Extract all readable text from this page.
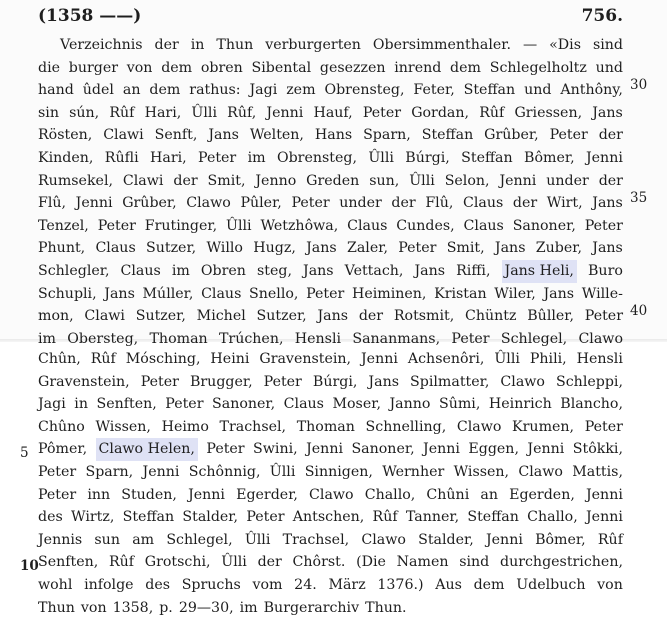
(1358 ——)	756.
Verzeichnis der in Thun verburgerten Obersimmenthaler. — «Dis sind
die burger von dem obren Sibental gesezzen inrend dem Schlegelholtz und
hand ûdel an dem rathus: Jagi zem Obrensteg, Feter, Steffan und Anthôny,
sin sún, Rûf Hari, Ûlli Rûf, Jenni Hauf, Peter Gordan, Rûf Griessen, Jans
Rösten, Clawi Senft, Jans Welten, Hans Sparn, Steffan Grûber, Peter der
Kinden, Rûfli Hari, Peter im Obrensteg, Ûlli Búrgi, Steffan Bômer, Jenni
Rumsekel, Clawi der Smit, Jenno Greden sun, Ûlli Selon, Jenni under der
Flû, Jenni Grûber, Clawo Pûler, Peter under der Flû, Claus der Wirt, Jans
Tenzel, Peter Frutinger, Ûlli Wetzhôwa, Claus Cundes, Claus Sanoner, Peter
Phunt, Claus Sutzer, Willo Hugz, Jans Zaler, Peter Smit, Jans Zuber, Jans
Schlegler, Claus im Obren steg, Jans Vettach, Jans Riffi, Jans Heli, Buro
Schupli, Jans Múller, Claus Snello, Peter Heiminen, Kristan Wiler, Jans Wille-
mon, Clawi Sutzer, Michel Sutzer, Jans der Rotsmit, Chüntz Bûller, Peter
im Obersteg, Thoman Trúchen, Hensli Sananmans, Peter Schlegel, Clawo
Chûn, Rûf Mósching, Heini Gravenstein, Jenni Achsenôri, Ûlli Phili, Hensli
Gravenstein, Peter Brugger, Peter Búrgi, Jans Spilmatter, Clawo Schleppi,
Jagi in Senften, Peter Sanoner, Claus Moser, Janno Sûmi, Heinrich Blancho,
Chûno Wissen, Heimo Trachsel, Thoman Schnelling, Clawo Krumen, Peter
Pômer, Clawo Helen, Peter Swini, Jenni Sanoner, Jenni Eggen, Jenni Stôkki,
Peter Sparn, Jenni Schônnig, Ûlli Sinnigen, Wernher Wissen, Clawo Mattis,
Peter inn Studen, Jenni Egerder, Clawo Challo, Chûni an Egerden, Jenni
des Wirtz, Steffan Stalder, Peter Antschen, Rûf Tanner, Steffan Challo, Jenni
Jennis sun am Schlegel, Ûlli Trachsel, Clawo Stalder, Jenni Bômer, Rûf
Senften, Rûf Grotschi, Ûlli der Chôrst. (Die Namen sind durchgestrichen,
wohl infolge des Spruchs vom 24. März 1376.) Aus dem Udelbuch von
Thun von 1358, p. 29—30, im Burgerarchiv Thun.
30
35
40
5
10
